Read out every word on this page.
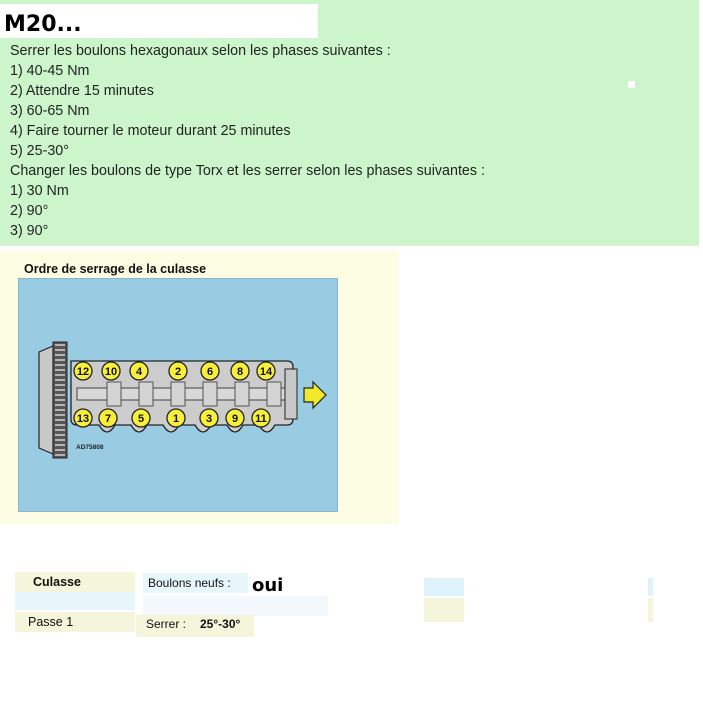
M20...
Serrer les boulons hexagonaux selon les phases suivantes :
1) 40-45 Nm
2) Attendre 15 minutes
3) 60-65 Nm
4) Faire tourner le moteur durant 25 minutes
5) 25-30°
Changer les boulons de type Torx et les serrer selon les phases suivantes :
1) 30 Nm
2) 90°
3) 90°
Ordre de serrage de la culasse
12 10 4	2 6 8 14
13 7 5	1 3 9 11
AD75808
Culasse	Boulons neufs : oui
Passe 1	Serrer : 25°-30°
